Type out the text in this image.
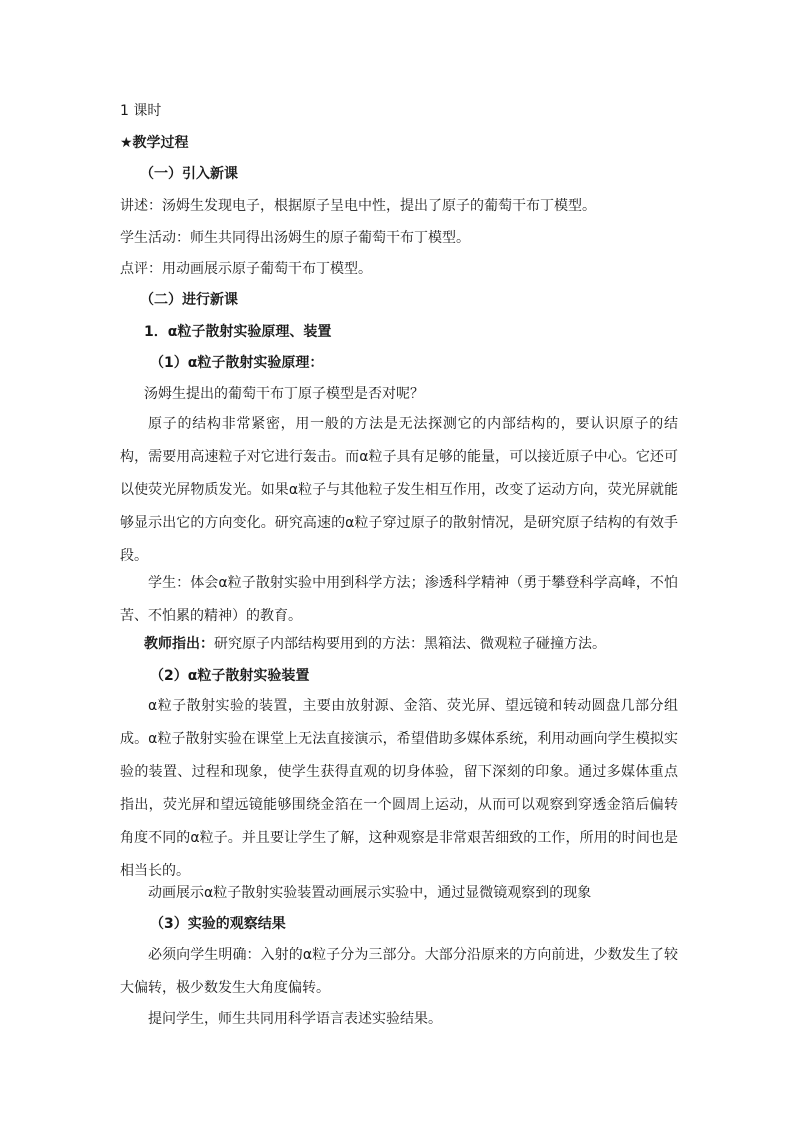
1 课时
★教学过程
（一）引入新课
讲述：汤姆生发现电子，根据原子呈电中性，提出了原子的葡萄干布丁模型。
学生活动：师生共同得出汤姆生的原子葡萄干布丁模型。
点评：用动画展示原子葡萄干布丁模型。
（二）进行新课
1．α粒子散射实验原理、装置
（1）α粒子散射实验原理：
汤姆生提出的葡萄干布丁原子模型是否对呢？
原子的结构非常紧密，用一般的方法是无法探测它的内部结构的，要认识原子的结构，需要用高速粒子对它进行轰击。而α粒子具有足够的能量，可以接近原子中心。它还可以使荧光屏物质发光。如果α粒子与其他粒子发生相互作用，改变了运动方向，荧光屏就能够显示出它的方向变化。研究高速的α粒子穿过原子的散射情况，是研究原子结构的有效手段。
学生：体会α粒子散射实验中用到科学方法；渗透科学精神（勇于攀登科学高峰，不怕苦、不怕累的精神）的教育。
教师指出：研究原子内部结构要用到的方法：黑箱法、微观粒子碰撞方法。
（2）α粒子散射实验装置
α粒子散射实验的装置，主要由放射源、金箔、荧光屏、望远镜和转动圆盘几部分组成。α粒子散射实验在课堂上无法直接演示，希望借助多媒体系统，利用动画向学生模拟实验的装置、过程和现象，使学生获得直观的切身体验，留下深刻的印象。通过多媒体重点指出，荧光屏和望远镜能够围绕金箔在一个圆周上运动，从而可以观察到穿透金箔后偏转角度不同的α粒子。并且要让学生了解，这种观察是非常艰苦细致的工作，所用的时间也是相当长的。
动画展示α粒子散射实验装置动画展示实验中，通过显微镜观察到的现象
（3）实验的观察结果
必须向学生明确：入射的α粒子分为三部分。大部分沿原来的方向前进，少数发生了较大偏转，极少数发生大角度偏转。
提问学生，师生共同用科学语言表述实验结果。
